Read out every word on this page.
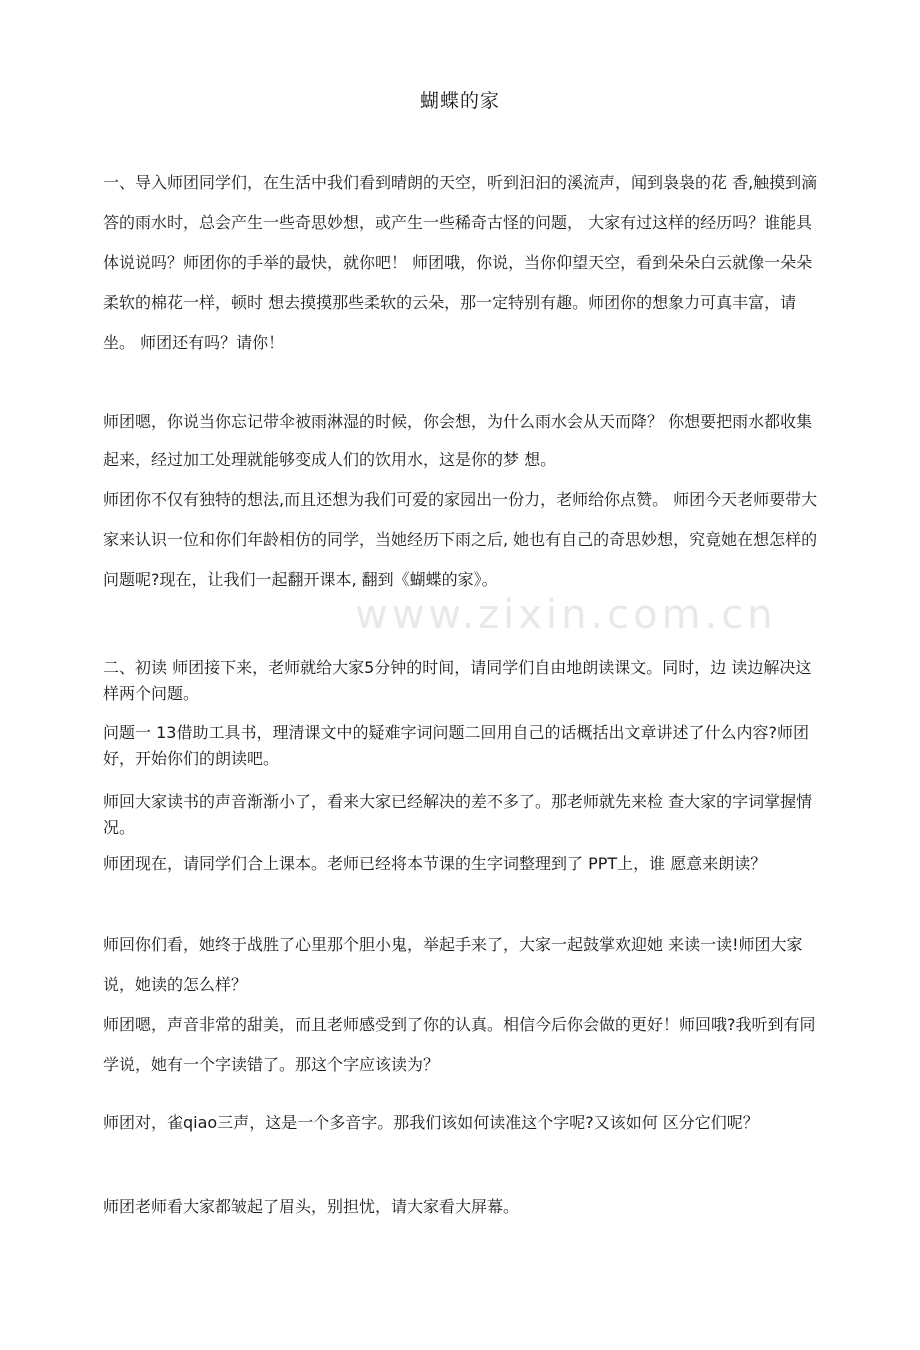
www.zixin.com.cn
蝴蝶的家
一、导入师团同学们，在生活中我们看到晴朗的天空，听到汩汩的溪流声，闻到袅袅的花 香,触摸到滴答的雨水时，总会产生一些奇思妙想，或产生一些稀奇古怪的问题， 大家有过这样的经历吗？谁能具体说说吗？师团你的手举的最快，就你吧！ 师团哦，你说，当你仰望天空，看到朵朵白云就像一朵朵柔软的棉花一样，顿时 想去摸摸那些柔软的云朵，那一定特别有趣。师团你的想象力可真丰富，请坐。 师团还有吗？请你！
师团嗯，你说当你忘记带伞被雨淋湿的时候，你会想，为什么雨水会从天而降？ 你想要把雨水都收集起来，经过加工处理就能够变成人们的饮用水，这是你的梦 想。
师团你不仅有独特的想法,而且还想为我们可爱的家园出一份力，老师给你点赞。 师团今天老师要带大家来认识一位和你们年龄相仿的同学，当她经历下雨之后, 她也有自己的奇思妙想，究竟她在想怎样的问题呢?现在，让我们一起翻开课本, 翻到《蝴蝶的家》。
二、初读 师团接下来，老师就给大家5分钟的时间，请同学们自由地朗读课文。同时，边 读边解决这样两个问题。
问题一 13借助工具书，理清课文中的疑难字词问题二回用自己的话概括出文章讲述了什么内容?师团好，开始你们的朗读吧。
师回大家读书的声音渐渐小了，看来大家已经解决的差不多了。那老师就先来检 查大家的字词掌握情况。
师团现在，请同学们合上课本。老师已经将本节课的生字词整理到了 PPT上，谁 愿意来朗读？
师回你们看，她终于战胜了心里那个胆小鬼，举起手来了，大家一起鼓掌欢迎她 来读一读!师团大家说，她读的怎么样？
师团嗯，声音非常的甜美，而且老师感受到了你的认真。相信今后你会做的更好！师回哦?我听到有同学说，她有一个字读错了。那这个字应该读为？
师团对，雀qiao三声，这是一个多音字。那我们该如何读准这个字呢?又该如何 区分它们呢？
师团老师看大家都皱起了眉头，别担忧，请大家看大屏幕。
